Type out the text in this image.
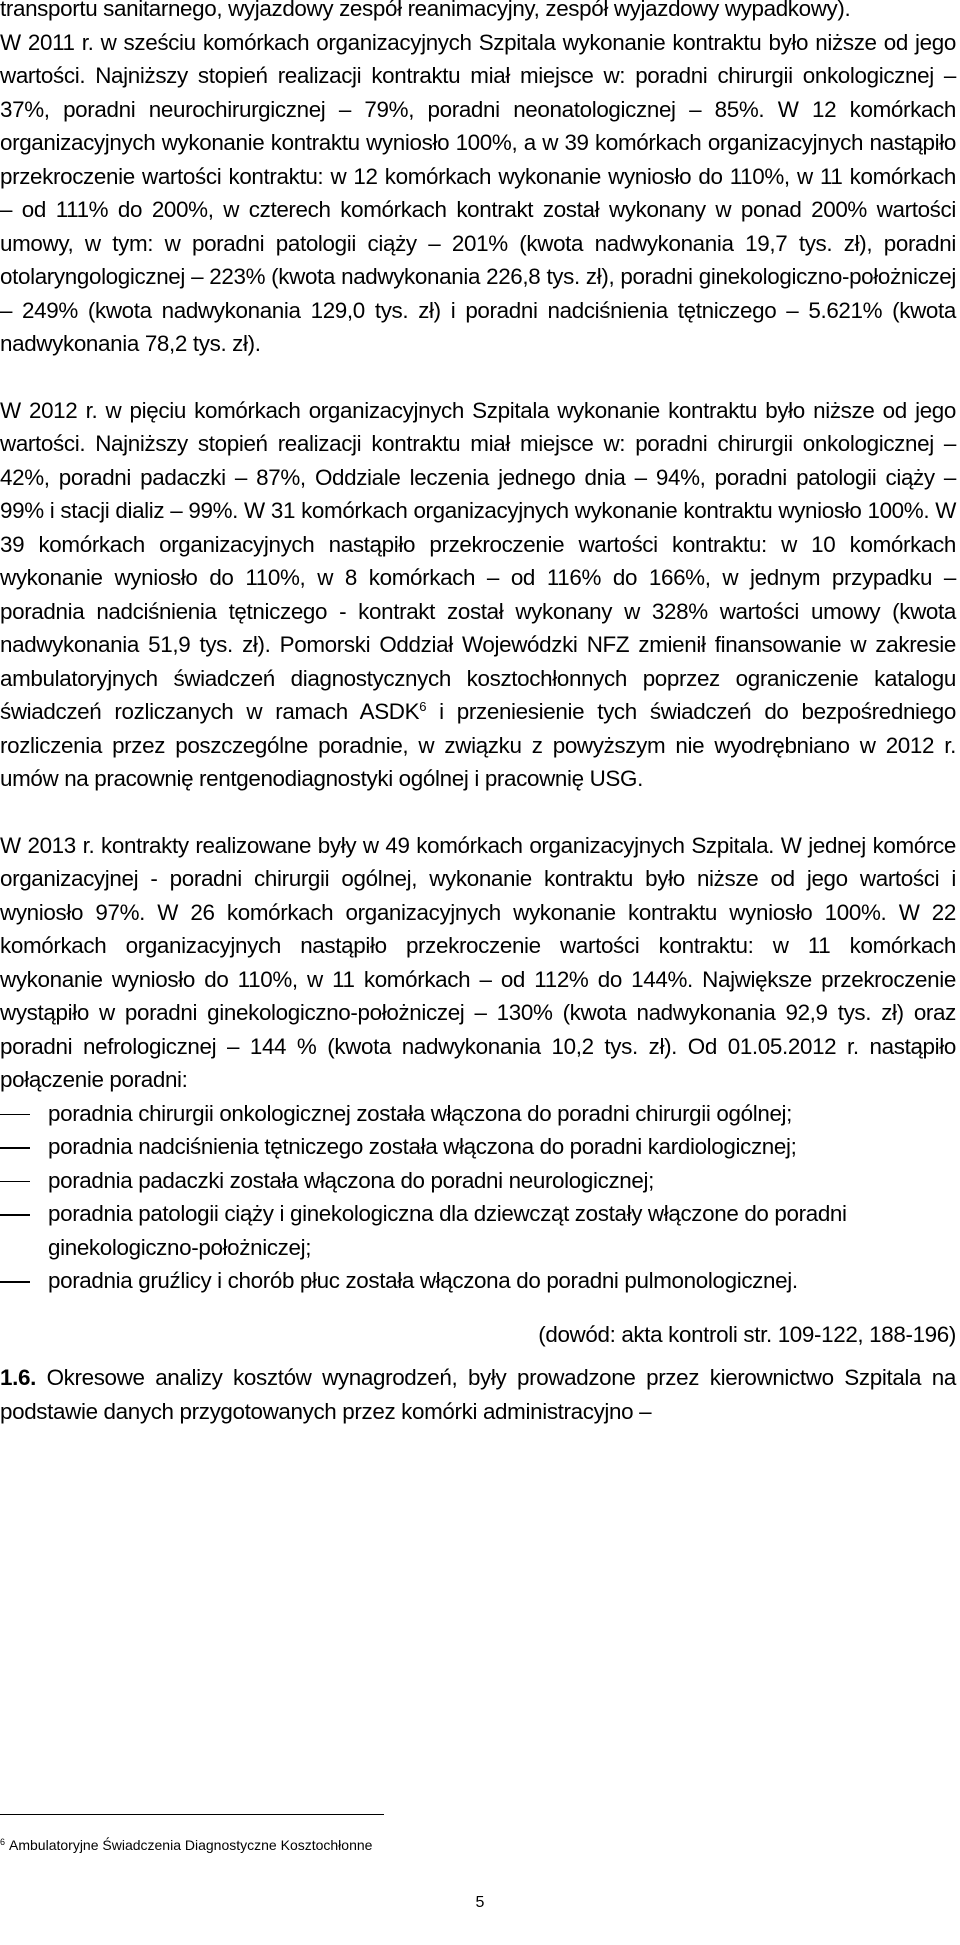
transportu sanitarnego, wyjazdowy zespół reanimacyjny, zespół wyjazdowy wypadkowy).

W 2011 r. w sześciu komórkach organizacyjnych Szpitala wykonanie kontraktu było niższe od jego wartości. Najniższy stopień realizacji kontraktu miał miejsce w: poradni chirurgii onkologicznej – 37%, poradni neurochirurgicznej – 79%, poradni neonatologicznej – 85%. W 12 komórkach organizacyjnych wykonanie kontraktu wyniosło 100%, a w 39 komórkach organizacyjnych nastąpiło przekroczenie wartości kontraktu: w 12 komórkach wykonanie wyniosło do 110%, w 11 komórkach – od 111% do 200%, w czterech komórkach kontrakt został wykonany w ponad 200% wartości umowy, w tym: w poradni patologii ciąży – 201% (kwota nadwykonania 19,7 tys. zł), poradni otolaryngologicznej – 223% (kwota nadwykonania 226,8 tys. zł), poradni ginekologiczno-położniczej – 249% (kwota nadwykonania 129,0 tys. zł) i poradni nadciśnienia tętniczego – 5.621% (kwota nadwykonania 78,2 tys. zł).

W 2012 r. w pięciu komórkach organizacyjnych Szpitala wykonanie kontraktu było niższe od jego wartości. Najniższy stopień realizacji kontraktu miał miejsce w: poradni chirurgii onkologicznej – 42%, poradni padaczki – 87%, Oddziale leczenia jednego dnia – 94%, poradni patologii ciąży – 99% i stacji dializ – 99%. W 31 komórkach organizacyjnych wykonanie kontraktu wyniosło 100%. W 39 komórkach organizacyjnych nastąpiło przekroczenie wartości kontraktu: w 10 komórkach wykonanie wyniosło do 110%, w 8 komórkach – od 116% do 166%, w jednym przypadku – poradnia nadciśnienia tętniczego - kontrakt został wykonany w 328% wartości umowy (kwota nadwykonania 51,9 tys. zł). Pomorski Oddział Wojewódzki NFZ zmienił finansowanie w zakresie ambulatoryjnych świadczeń diagnostycznych kosztochłonnych poprzez ograniczenie katalogu świadczeń rozliczanych w ramach ASDK$^6$ i przeniesienie tych świadczeń do bezpośredniego rozliczenia przez poszczególne poradnie, w związku z powyższym nie wyodrębniano w 2012 r. umów na pracownię rentgenodiagnostyki ogólnej i pracownię USG.

W 2013 r. kontrakty realizowane były w 49 komórkach organizacyjnych Szpitala. W jednej komórce organizacyjnej - poradni chirurgii ogólnej, wykonanie kontraktu było niższe od jego wartości i wyniosło 97%. W 26 komórkach organizacyjnych wykonanie kontraktu wyniosło 100%. W 22 komórkach organizacyjnych nastąpiło przekroczenie wartości kontraktu: w 11 komórkach wykonanie wyniosło do 110%, w 11 komórkach – od 112% do 144%. Największe przekroczenie wystąpiło w poradni ginekologiczno-położniczej – 130% (kwota nadwykonania 92,9 tys. zł) oraz poradni nefrologicznej – 144 % (kwota nadwykonania 10,2 tys. zł). Od 01.05.2012 r. nastąpiło połączenie poradni:

poradnia chirurgii onkologicznej została włączona do poradni chirurgii ogólnej;
poradnia nadciśnienia tętniczego została włączona do poradni kardiologicznej;
poradnia padaczki została włączona do poradni neurologicznej;
poradnia patologii ciąży i ginekologiczna dla dziewcząt zostały włączone do poradni ginekologiczno-położniczej;
poradnia gruźlicy i chorób płuc została włączona do poradni pulmonologicznej.

(dowód: akta kontroli str. 109-122, 188-196)

1.6. Okresowe analizy kosztów wynagrodzeń, były prowadzone przez kierownictwo Szpitala na podstawie danych przygotowanych przez komórki administracyjno –

$^6$ Ambulatoryjne Świadczenia Diagnostyczne Kosztochłonne
5
